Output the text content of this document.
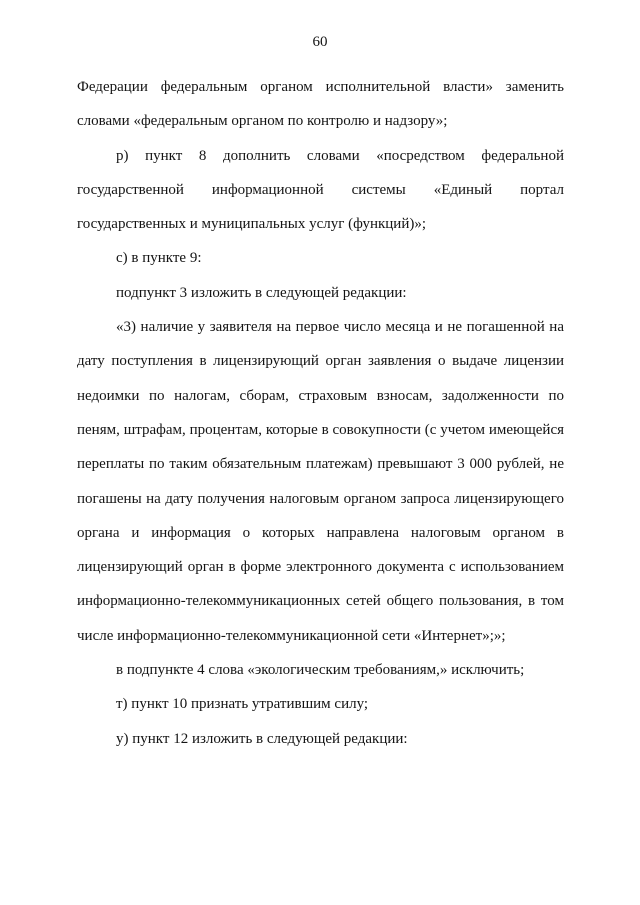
60

Федерации федеральным органом исполнительной власти» заменить словами «федеральным органом по контролю и надзору»;

р) пункт 8 дополнить словами «посредством федеральной государственной информационной системы «Единый портал государственных и муниципальных услуг (функций)»;

с) в пункте 9:

подпункт 3 изложить в следующей редакции:

«3) наличие у заявителя на первое число месяца и не погашенной на дату поступления в лицензирующий орган заявления о выдаче лицензии недоимки по налогам, сборам, страховым взносам, задолженности по пеням, штрафам, процентам, которые в совокупности (с учетом имеющейся переплаты по таким обязательным платежам) превышают 3 000 рублей, не погашены на дату получения налоговым органом запроса лицензирующего органа и информация о которых направлена налоговым органом в лицензирующий орган в форме электронного документа с использованием информационно-телекоммуникационных сетей общего пользования, в том числе информационно-телекоммуникационной сети «Интернет»;»;

в подпункте 4 слова «экологическим требованиям,» исключить;

т) пункт 10 признать утратившим силу;

у) пункт 12 изложить в следующей редакции:
